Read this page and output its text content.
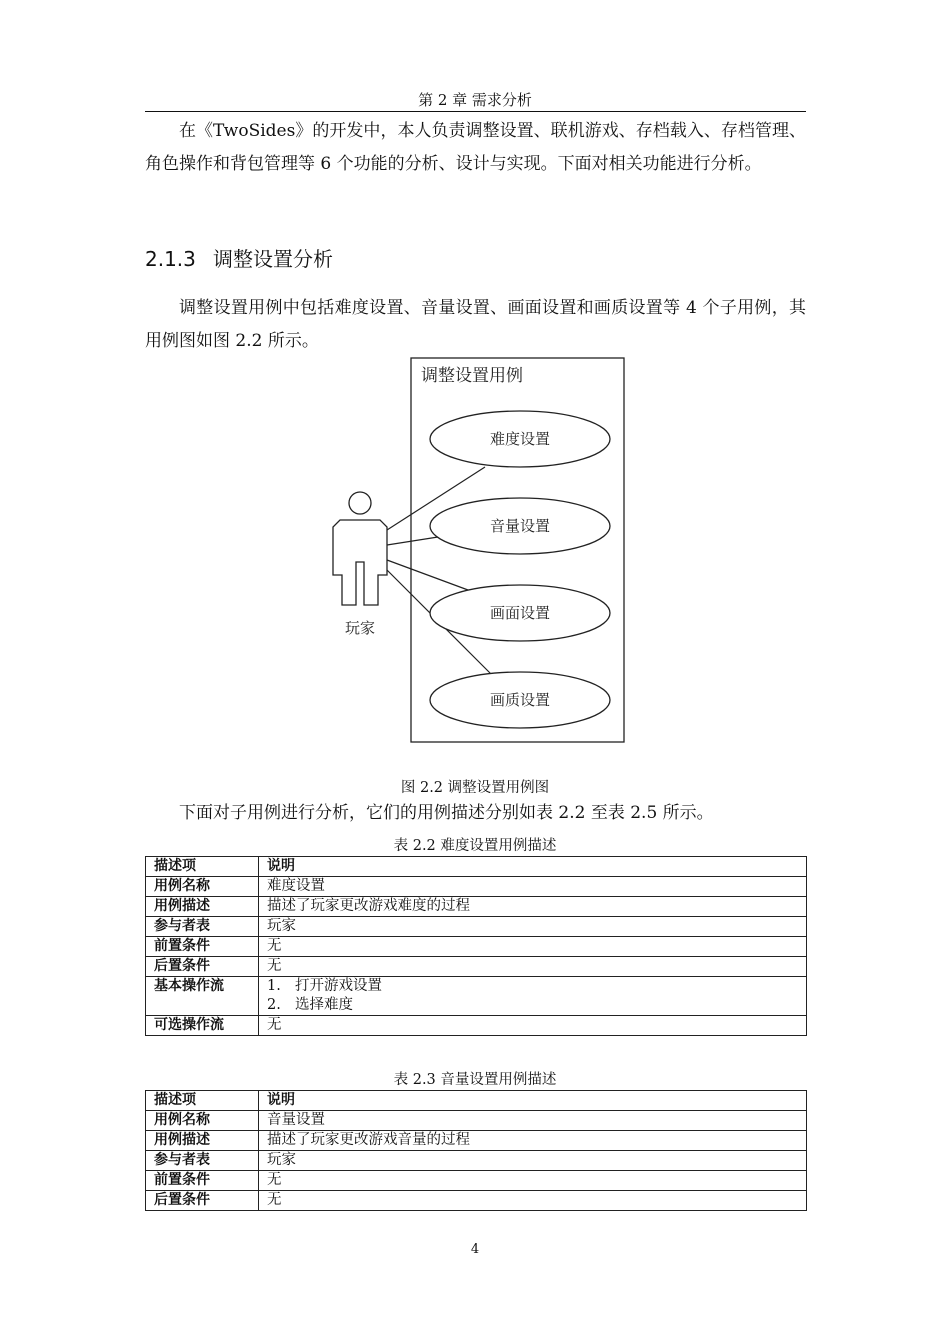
第 2 章 需求分析
在《TwoSides》的开发中，本人负责调整设置、联机游戏、存档载入、存档管理、角色操作和背包管理等 6 个功能的分析、设计与实现。下面对相关功能进行分析。
2.1.3 调整设置分析
调整设置用例中包括难度设置、音量设置、画面设置和画质设置等 4 个子用例，其用例图如图 2.2 所示。
调整设置用例
玩家
难度设置
音量设置
画面设置
画质设置
图 2.2 调整设置用例图
下面对子用例进行分析，它们的用例描述分别如表 2.2 至表 2.5 所示。
表 2.2 难度设置用例描述
描述项	说明
用例名称	难度设置
用例描述	描述了玩家更改游戏难度的过程
参与者表	玩家
前置条件	无
后置条件	无
基本操作流	1. 打开游戏设置
2. 选择难度

可选操作流	无
表 2.3 音量设置用例描述
描述项	说明
用例名称	音量设置
用例描述	描述了玩家更改游戏音量的过程
参与者表	玩家
前置条件	无
后置条件	无
4
